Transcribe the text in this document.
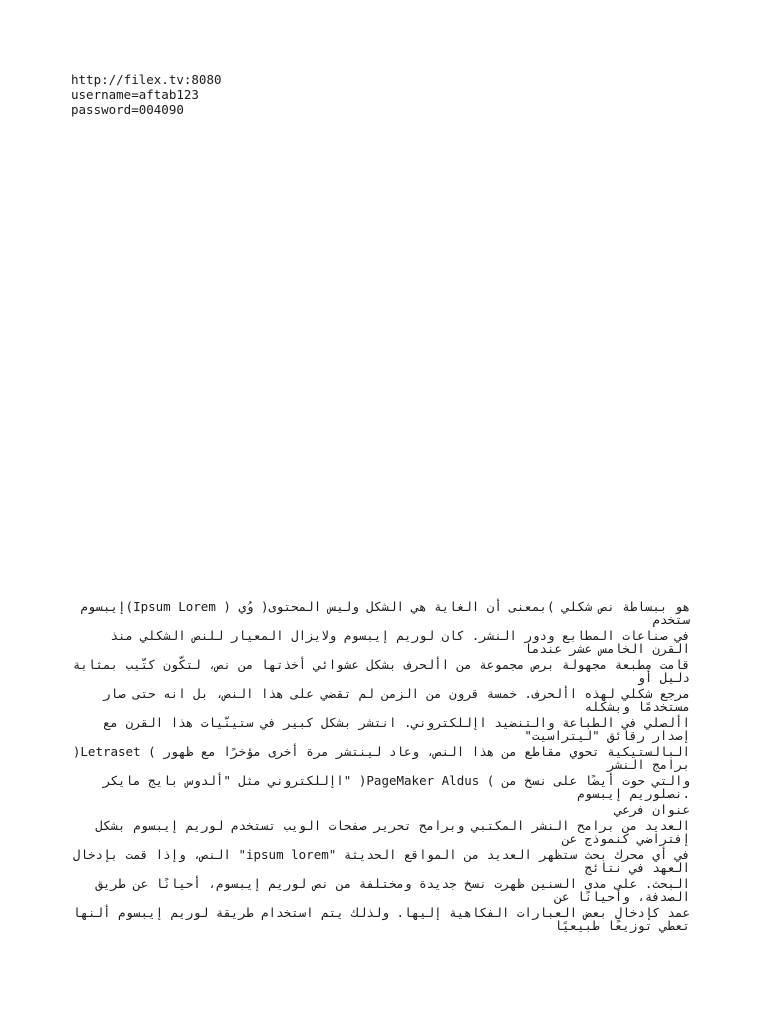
http://filex.tv:8080
username=aftab123
password=004090

هو ببساطة نص شكلي )بمعنى أن الغاية هي الشكل وليس المحتوى( وُي ( Ipsum Lorem)إيبسوم ستخدم

في صناعات المطابع ودور النشر. كان لوريم إيبسوم ولايزال المعيار للنص الشكلي منذ القرن الخامس عشر عندما

قامت مطبعة مجهولة برص مجموعة من األحرف بشكل عشوائي أخذتها من نص، لتكّون كتّيب بمثابة دليل أو

مرجع شكلي لهذه األحرف. خمسة قرون من الزمن لم تقضي على هذا النص، بل انه حتى صار مستخدمًا وبشكله

األصلي في الطباعة والتنضيد اإللكتروني. انتشر بشكل كبير في ستينّيات هذا القرن مع إصدار رقائق "ليتراسيت"

البالستيكية تحوي مقاطع من هذا النص، وعاد لينتشر مرة أخرى مؤخرًا مع ظهور ) Letraset( برامج النشر

والتي حوت أيضًا على نسخ من ) PageMaker Aldus( "اإللكتروني مثل "ألدوس بايج مايكر .نصلوريم إيبسوم

عنوان فرعي

العديد من برامح النشر المكتبي وبرامح تحرير صفحات الويب تستخدم لوريم إيبسوم بشكل إفتراضي كنموذج عن

في أي محرك بحث ستظهر العديد من المواقع الحديثة "ipsum lorem" النص، وإذا قمت بإدخال العهد في نتائج

البحث. على مدى السنين ظهرت نسخ جديدة ومختلفة من نص لوريم إيبسوم، أحيانًا عن طريق الصدفة، وأحيانًا عن

عمد كإدخال بعض العبارات الفكاهية إليها. ولذلك يتم استخدام طريقة لوريم إيبسوم ألنها تعطي توزيعًا طبيعيًا
